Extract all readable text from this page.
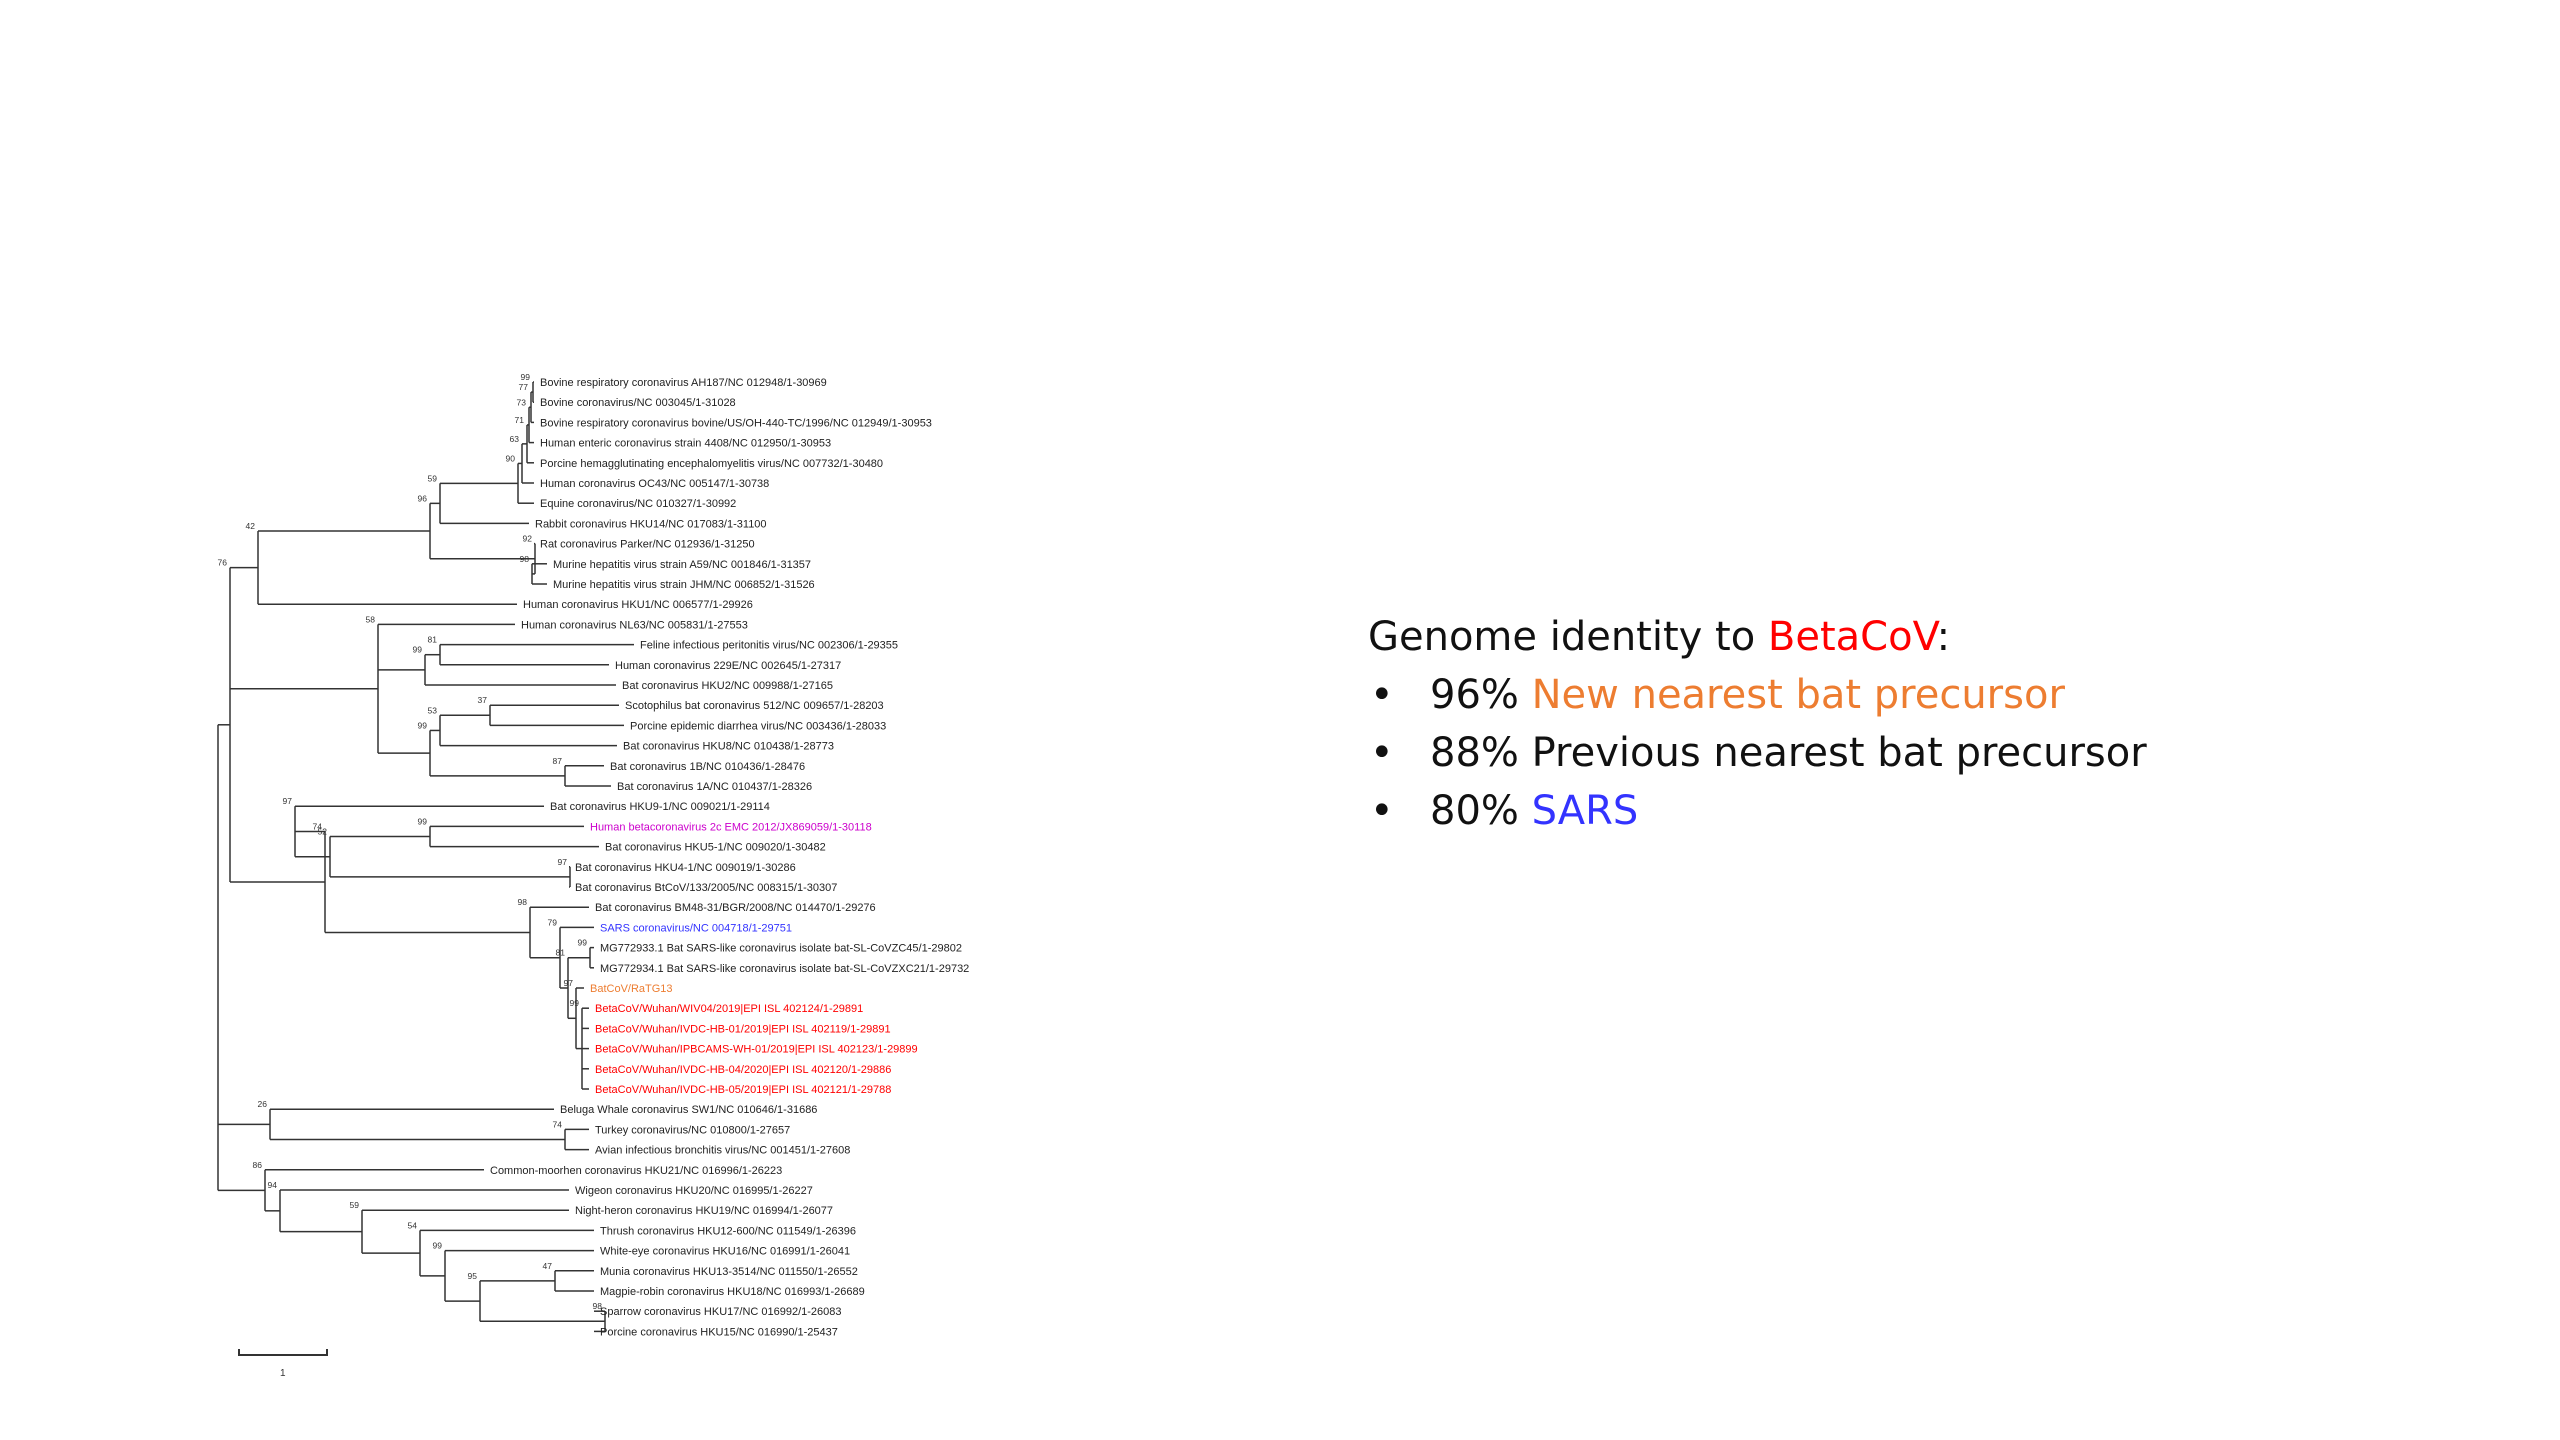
99
77
73
71
63
90
59
98
92
96
42
81
99
37
53
87
99
58
99
97
52
97
99
99
97
81
79
98
74
76
74
26
47
98
95
99
54
59
94
86
Bovine respiratory coronavirus AH187/NC 012948/1-30969
Bovine coronavirus/NC 003045/1-31028
Bovine respiratory coronavirus bovine/US/OH-440-TC/1996/NC 012949/1-30953
Human enteric coronavirus strain 4408/NC 012950/1-30953
Porcine hemagglutinating encephalomyelitis virus/NC 007732/1-30480
Human coronavirus OC43/NC 005147/1-30738
Equine coronavirus/NC 010327/1-30992
Rabbit coronavirus HKU14/NC 017083/1-31100
Rat coronavirus Parker/NC 012936/1-31250
Murine hepatitis virus strain A59/NC 001846/1-31357
Murine hepatitis virus strain JHM/NC 006852/1-31526
Human coronavirus HKU1/NC 006577/1-29926
Human coronavirus NL63/NC 005831/1-27553
Feline infectious peritonitis virus/NC 002306/1-29355
Human coronavirus 229E/NC 002645/1-27317
Bat coronavirus HKU2/NC 009988/1-27165
Scotophilus bat coronavirus 512/NC 009657/1-28203
Porcine epidemic diarrhea virus/NC 003436/1-28033
Bat coronavirus HKU8/NC 010438/1-28773
Bat coronavirus 1B/NC 010436/1-28476
Bat coronavirus 1A/NC 010437/1-28326
Bat coronavirus HKU9-1/NC 009021/1-29114
Human betacoronavirus 2c EMC 2012/JX869059/1-30118
Bat coronavirus HKU5-1/NC 009020/1-30482
Bat coronavirus HKU4-1/NC 009019/1-30286
Bat coronavirus BtCoV/133/2005/NC 008315/1-30307
Bat coronavirus BM48-31/BGR/2008/NC 014470/1-29276
SARS coronavirus/NC 004718/1-29751
MG772933.1 Bat SARS-like coronavirus isolate bat-SL-CoVZC45/1-29802
MG772934.1 Bat SARS-like coronavirus isolate bat-SL-CoVZXC21/1-29732
BatCoV/RaTG13
BetaCoV/Wuhan/WIV04/2019|EPI ISL 402124/1-29891
BetaCoV/Wuhan/IVDC-HB-01/2019|EPI ISL 402119/1-29891
BetaCoV/Wuhan/IPBCAMS-WH-01/2019|EPI ISL 402123/1-29899
BetaCoV/Wuhan/IVDC-HB-04/2020|EPI ISL 402120/1-29886
BetaCoV/Wuhan/IVDC-HB-05/2019|EPI ISL 402121/1-29788
Beluga Whale coronavirus SW1/NC 010646/1-31686
Turkey coronavirus/NC 010800/1-27657
Avian infectious bronchitis virus/NC 001451/1-27608
Common-moorhen coronavirus HKU21/NC 016996/1-26223
Wigeon coronavirus HKU20/NC 016995/1-26227
Night-heron coronavirus HKU19/NC 016994/1-26077
Thrush coronavirus HKU12-600/NC 011549/1-26396
White-eye coronavirus HKU16/NC 016991/1-26041
Munia coronavirus HKU13-3514/NC 011550/1-26552
Magpie-robin coronavirus HKU18/NC 016993/1-26689
Sparrow coronavirus HKU17/NC 016992/1-26083
Porcine coronavirus HKU15/NC 016990/1-25437
1
Genome identity to BetaCoV:
• 96% New nearest bat precursor
• 88% Previous nearest bat precursor
• 80% SARS
